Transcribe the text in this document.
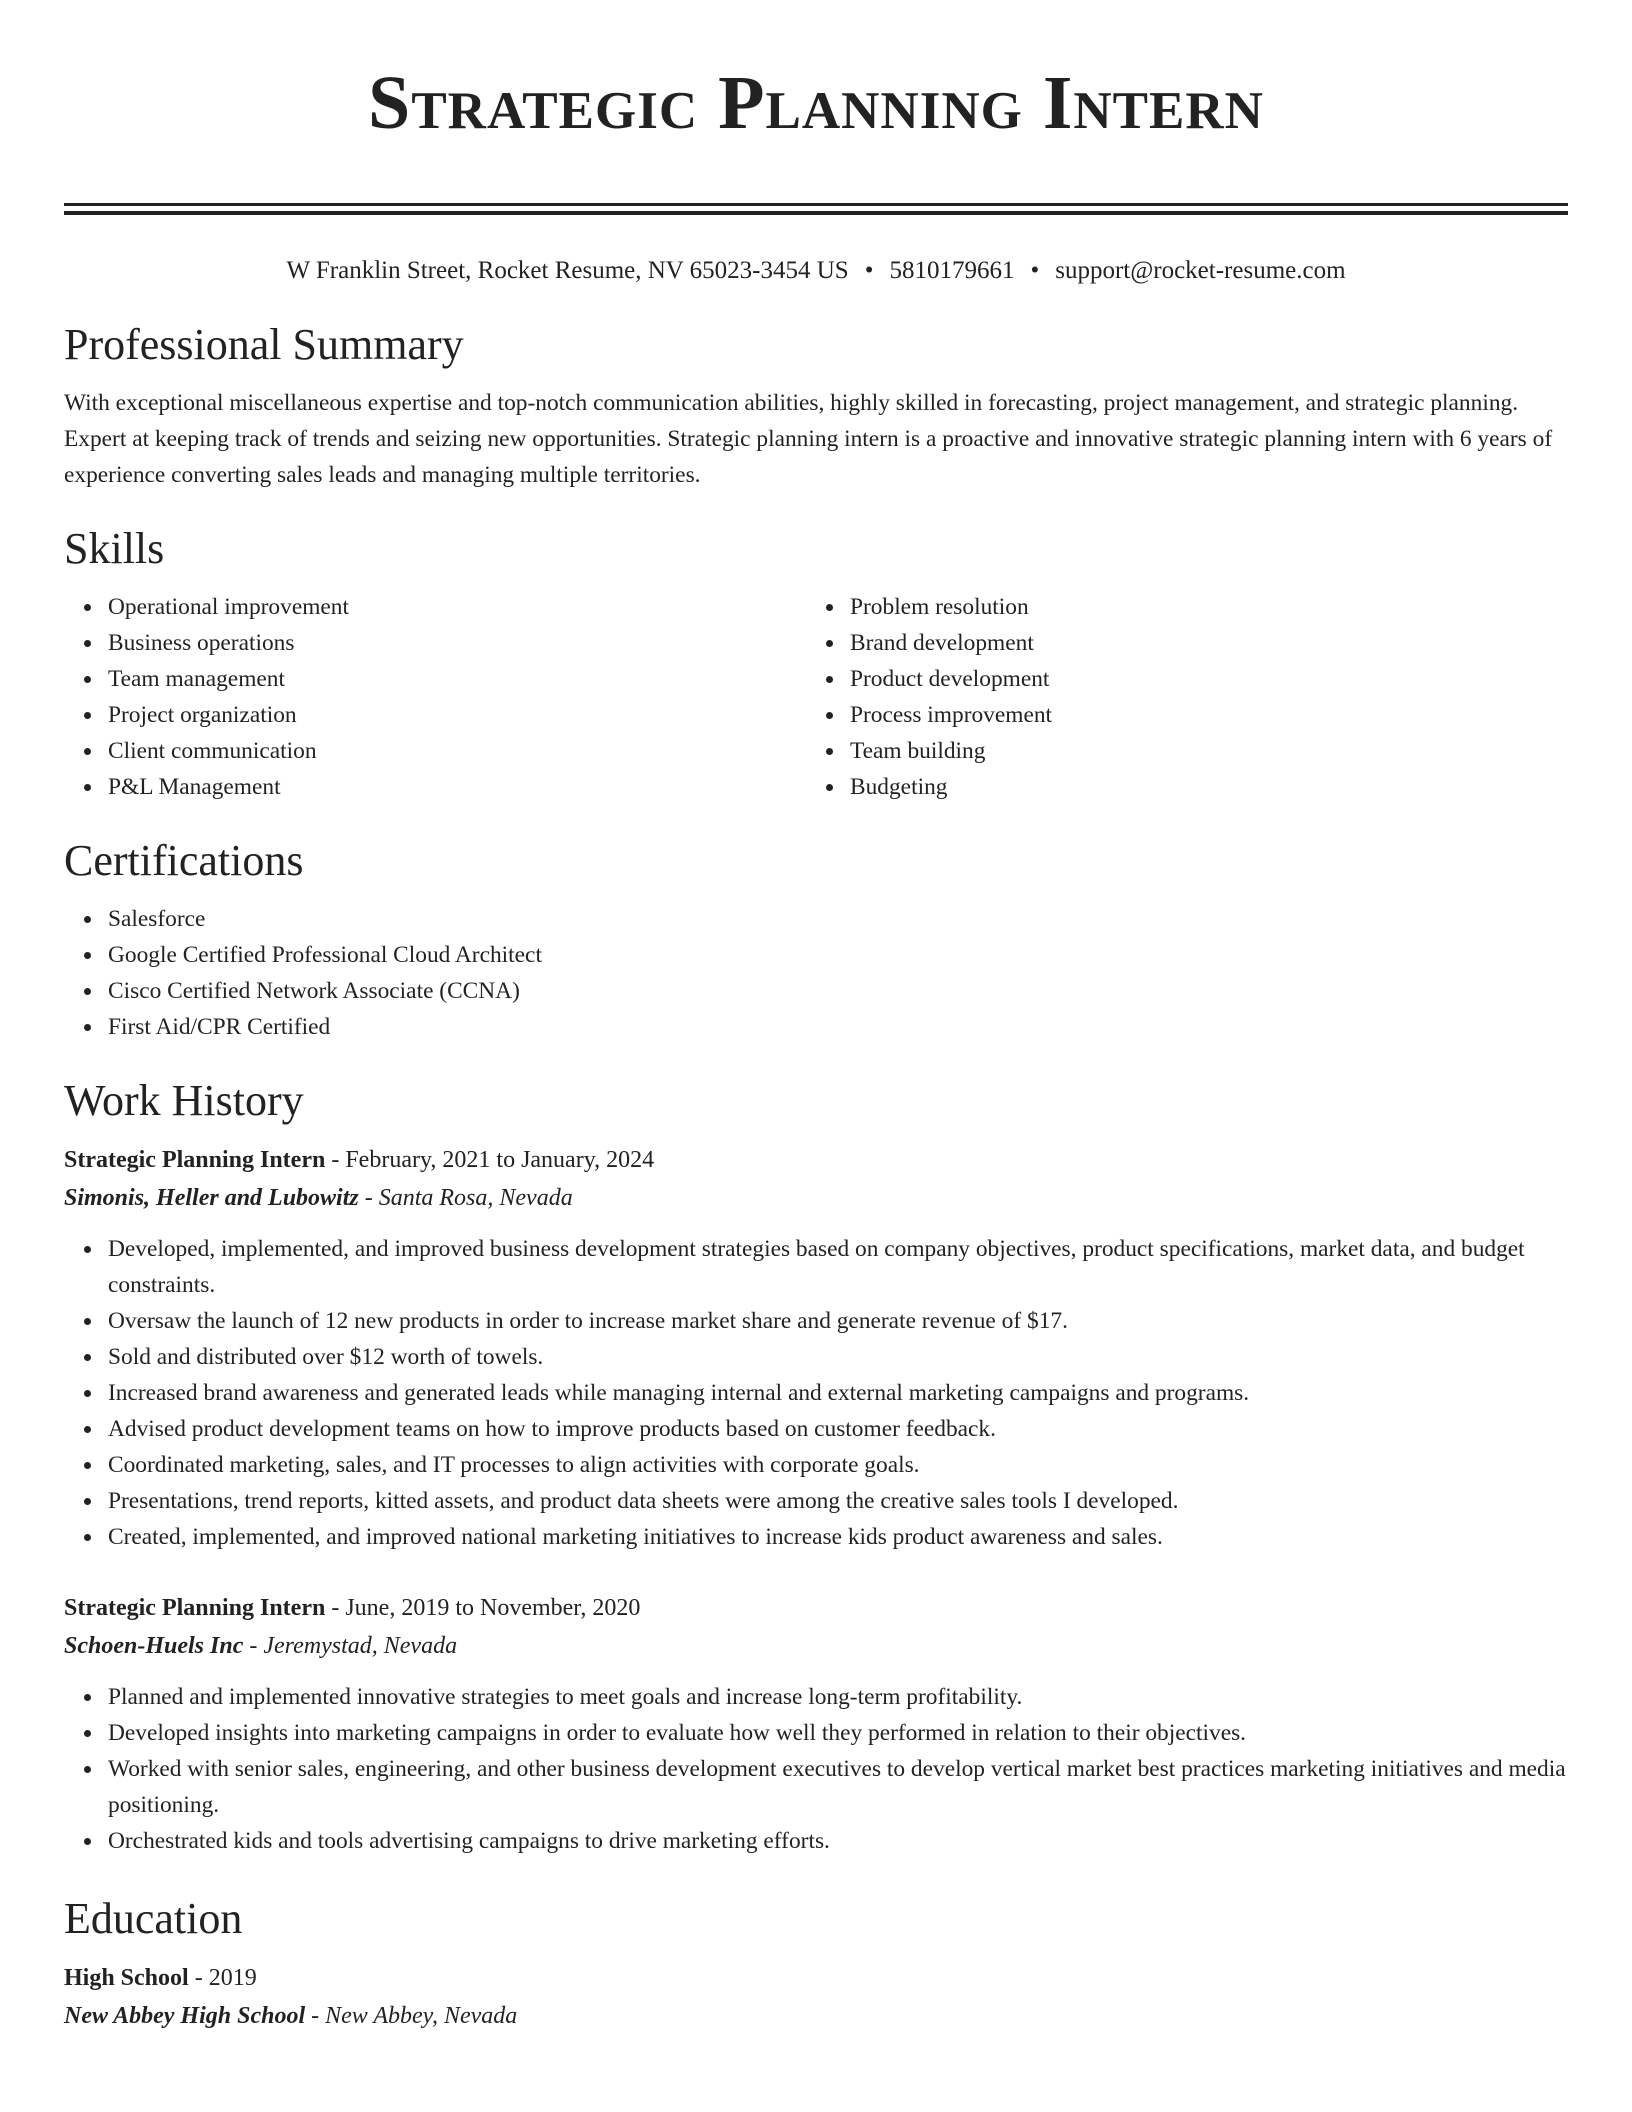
Strategic Planning Intern
W Franklin Street, Rocket Resume, NV 65023-3454 US • 5810179661 • support@rocket-resume.com
Professional Summary

With exceptional miscellaneous expertise and top-notch communication abilities, highly skilled in forecasting, project management, and strategic planning. Expert at keeping track of trends and seizing new opportunities. Strategic planning intern is a proactive and innovative strategic planning intern with 6 years of experience converting sales leads and managing multiple territories.

Skills
Operational improvement
Business operations
Team management
Project organization
Client communication
P&L Management
Problem resolution
Brand development
Product development
Process improvement
Team building
Budgeting
Certifications
Salesforce
Google Certified Professional Cloud Architect
Cisco Certified Network Associate (CCNA)
First Aid/CPR Certified
Work History
Strategic Planning Intern - February, 2021 to January, 2024
Simonis, Heller and Lubowitz - Santa Rosa, Nevada
Developed, implemented, and improved business development strategies based on company objectives, product specifications, market data, and budget constraints.
Oversaw the launch of 12 new products in order to increase market share and generate revenue of $17.
Sold and distributed over $12 worth of towels.
Increased brand awareness and generated leads while managing internal and external marketing campaigns and programs.
Advised product development teams on how to improve products based on customer feedback.
Coordinated marketing, sales, and IT processes to align activities with corporate goals.
Presentations, trend reports, kitted assets, and product data sheets were among the creative sales tools I developed.
Created, implemented, and improved national marketing initiatives to increase kids product awareness and sales.
Strategic Planning Intern - June, 2019 to November, 2020
Schoen-Huels Inc - Jeremystad, Nevada
Planned and implemented innovative strategies to meet goals and increase long-term profitability.
Developed insights into marketing campaigns in order to evaluate how well they performed in relation to their objectives.
Worked with senior sales, engineering, and other business development executives to develop vertical market best practices marketing initiatives and media positioning.
Orchestrated kids and tools advertising campaigns to drive marketing efforts.
Education
High School - 2019
New Abbey High School - New Abbey, Nevada
